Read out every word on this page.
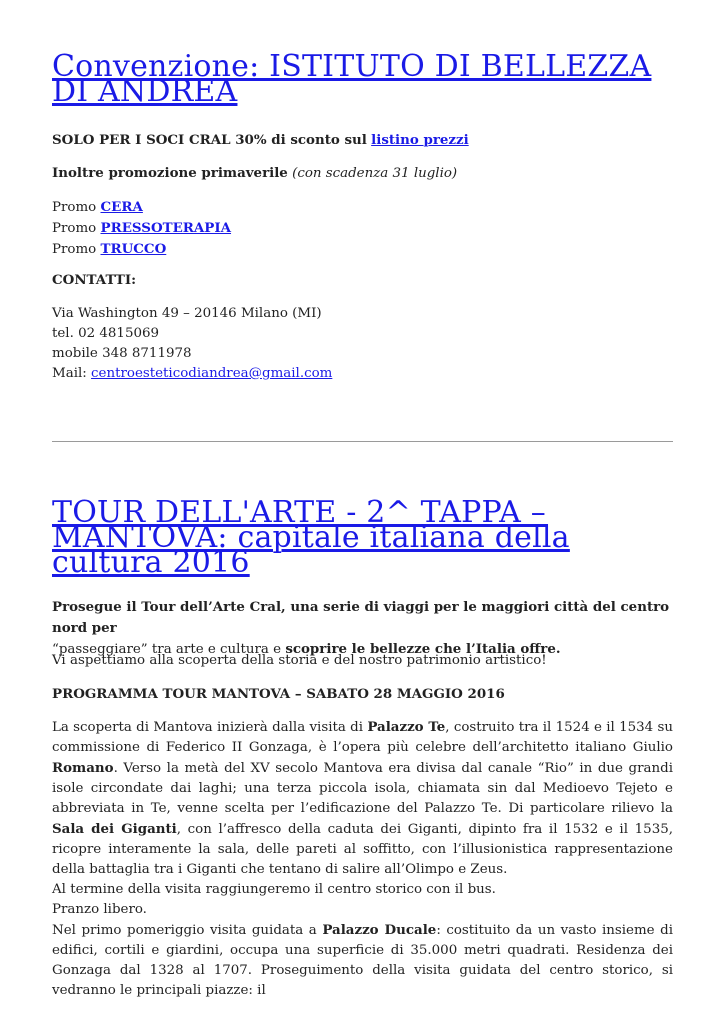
Convenzione: ISTITUTO DI BELLEZZA DI ANDREA

SOLO PER I SOCI CRAL 30% di sconto sul listino prezzi

Inoltre promozione primaverile (con scadenza 31 luglio)

Promo CERA
Promo PRESSOTERAPIA
Promo TRUCCO

CONTATTI:

Via Washington 49 – 20146 Milano (MI)
tel. 02 4815069
mobile 348 8711978
Mail: centroesteticodiandrea@gmail.com

TOUR DELL'ARTE - 2^ TAPPA – MANTOVA: capitale italiana della cultura 2016

Prosegue il Tour dell’Arte Cral, una serie di viaggi per le maggiori città del centro nord per
“passeggiare” tra arte e cultura e scoprire le bellezze che l’Italia offre.

Vi aspettiamo alla scoperta della storia e del nostro patrimonio artistico!

PROGRAMMA TOUR MANTOVA – SABATO 28 MAGGIO 2016

La scoperta di Mantova inizierà dalla visita di Palazzo Te, costruito tra il 1524 e il 1534 su commissione di Federico II Gonzaga, è l’opera più celebre dell’architetto italiano Giulio Romano. Verso la metà del XV secolo Mantova era divisa dal canale “Rio” in due grandi isole circondate dai laghi; una terza piccola isola, chiamata sin dal Medioevo Tejeto e abbreviata in Te, venne scelta per l’edificazione del Palazzo Te. Di particolare rilievo la Sala dei Giganti, con l’affresco della caduta dei Giganti, dipinto fra il 1532 e il 1535, ricopre interamente la sala, delle pareti al soffitto, con l’illusionistica rappresentazione della battaglia tra i Giganti che tentano di salire all’Olimpo e Zeus.
Al termine della visita raggiungeremo il centro storico con il bus.
Pranzo libero.
Nel primo pomeriggio visita guidata a Palazzo Ducale: costituito da un vasto insieme di edifici, cortili e giardini, occupa una superficie di 35.000 metri quadrati. Residenza dei Gonzaga dal 1328 al 1707. Proseguimento della visita guidata del centro storico, si vedranno le principali piazze: il
